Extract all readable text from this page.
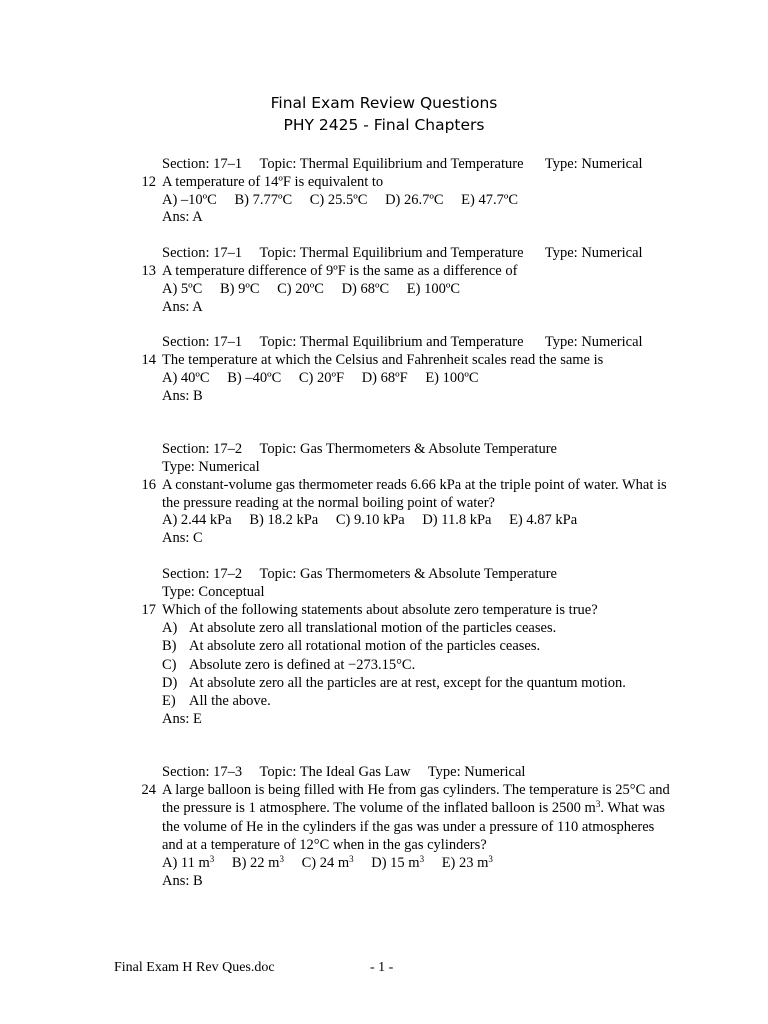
Final Exam Review Questions
PHY 2425 - Final Chapters
Section: 17–1 Topic: Thermal Equilibrium and Temperature Type: Numerical
12 A temperature of 14ºF is equivalent to
A) –10ºC B) 7.77ºC C) 25.5ºC D) 26.7ºC E) 47.7ºC
Ans: A
Section: 17–1 Topic: Thermal Equilibrium and Temperature Type: Numerical
13 A temperature difference of 9ºF is the same as a difference of
A) 5ºC B) 9ºC C) 20ºC D) 68ºC E) 100ºC
Ans: A
Section: 17–1 Topic: Thermal Equilibrium and Temperature Type: Numerical
14 The temperature at which the Celsius and Fahrenheit scales read the same is
A) 40ºC B) –40ºC C) 20ºF D) 68ºF E) 100ºC
Ans: B
Section: 17–2 Topic: Gas Thermometers & Absolute Temperature
Type: Numerical
16 A constant-volume gas thermometer reads 6.66 kPa at the triple point of water. What is
the pressure reading at the normal boiling point of water?
A) 2.44 kPa B) 18.2 kPa C) 9.10 kPa D) 11.8 kPa E) 4.87 kPa
Ans: C
Section: 17–2 Topic: Gas Thermometers & Absolute Temperature
Type: Conceptual
17 Which of the following statements about absolute zero temperature is true?
A) At absolute zero all translational motion of the particles ceases.
B) At absolute zero all rotational motion of the particles ceases.
C) Absolute zero is defined at −273.15°C.
D) At absolute zero all the particles are at rest, except for the quantum motion.
E) All the above.
Ans: E
Section: 17–3 Topic: The Ideal Gas Law Type: Numerical
24 A large balloon is being filled with He from gas cylinders. The temperature is 25°C and
the pressure is 1 atmosphere. The volume of the inflated balloon is 2500 $m^3$. What was
the volume of He in the cylinders if the gas was under a pressure of 110 atmospheres
and at a temperature of 12°C when in the gas cylinders?
A) 11 $m^3$ B) 22 $m^3$ C) 24 $m^3$ D) 15 $m^3$ E) 23 $m^3$
Ans: B
Final Exam H Rev Ques.doc	- 1 -
